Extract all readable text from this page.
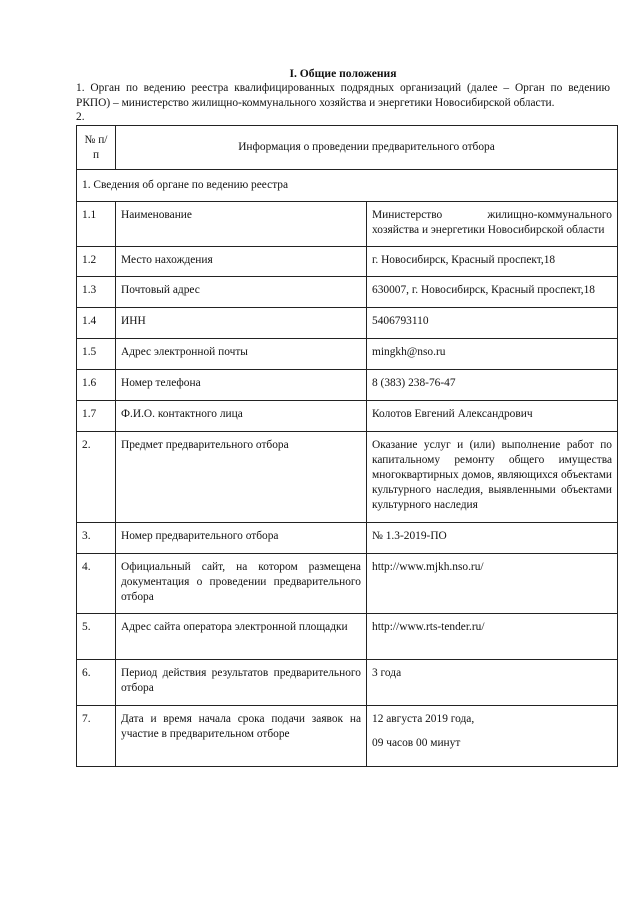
I. Общие положения
1. Орган по ведению реестра квалифицированных подрядных организаций (далее – Орган по ведению РКПО) – министерство жилищно-коммунального хозяйства и энергетики Новосибирской области.
2.
№ п/п	Информация о проведении предварительного отбора	
1. Сведения об органе по ведению реестра		
1.1	Наименование	Министерство жилищно-коммунального хозяйства и энергетики Новосибирской области
1.2	Место нахождения	г. Новосибирск, Красный проспект,18
1.3	Почтовый адрес	630007, г. Новосибирск, Красный проспект,18
1.4	ИНН	5406793110
1.5	Адрес электронной почты	mingkh@nso.ru
1.6	Номер телефона	8 (383) 238-76-47
1.7	Ф.И.О. контактного лица	Колотов Евгений Александрович
2.	Предмет предварительного отбора	Оказание услуг и (или) выполнение работ по капитальному ремонту общего имущества многоквартирных домов, являющихся объектами культурного наследия, выявленными объектами культурного наследия
3.	Номер предварительного отбора	№ 1.3-2019-ПО
4.	Официальный сайт, на котором размещена документация о проведении предварительного отбора	http://www.mjkh.nso.ru/
5.	Адрес сайта оператора электронной площадки	http://www.rts-tender.ru/
6.	Период действия результатов предварительного отбора	3 года
7.	Дата и время начала срока подачи заявок на участие в предварительном отборе	12 августа 2019 года,
09 часов 00 минут
